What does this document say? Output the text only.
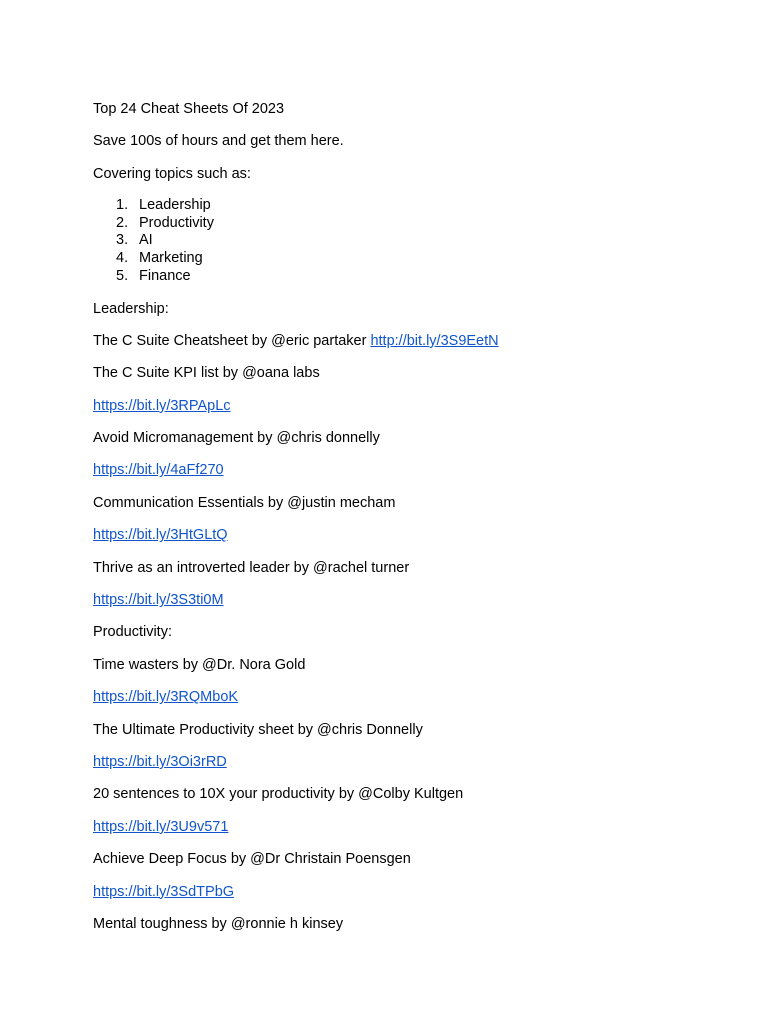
Top 24 Cheat Sheets Of 2023

Save 100s of hours and get them here.

Covering topics such as:

1. Leadership
2. Productivity
3. AI
4. Marketing
5. Finance

Leadership:

The C Suite Cheatsheet by @eric partaker http://bit.ly/3S9EetN

The C Suite KPI list by @oana labs

https://bit.ly/3RPApLc

Avoid Micromanagement by @chris donnelly

https://bit.ly/4aFf270

Communication Essentials by @justin mecham

https://bit.ly/3HtGLtQ

Thrive as an introverted leader by @rachel turner

https://bit.ly/3S3ti0M

Productivity:

Time wasters by @Dr. Nora Gold

https://bit.ly/3RQMboK

The Ultimate Productivity sheet by @chris Donnelly

https://bit.ly/3Oi3rRD

20 sentences to 10X your productivity by @Colby Kultgen

https://bit.ly/3U9v571

Achieve Deep Focus by @Dr Christain Poensgen

https://bit.ly/3SdTPbG

Mental toughness by @ronnie h kinsey
